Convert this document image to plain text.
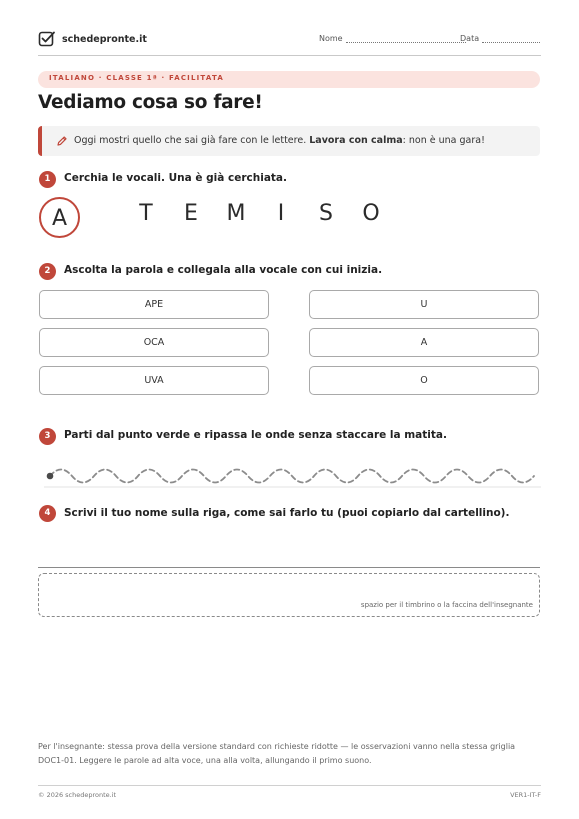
schedepronte.it	Nome	Data
ITALIANO · CLASSE 1ª · FACILITATA
Vediamo cosa so fare!
Oggi mostri quello che sai già fare con le lettere. Lavora con calma: non è una gara!
1	Cerchia le vocali. Una è già cerchiata.
A	T	E	M	I	S	O
2	Ascolta la parola e collegala alla vocale con cui inizia.
APE
OCA
UVA
U
A
O
3	Parti dal punto verde e ripassa le onde senza staccare la matita.
4	Scrivi il tuo nome sulla riga, come sai farlo tu (puoi copiarlo dal cartellino).
spazio per il timbrino o la faccina dell'insegnante
Per l'insegnante: stessa prova della versione standard con richieste ridotte — le osservazioni vanno nella stessa griglia DOC1-01. Leggere le parole ad alta voce, una alla volta, allungando il primo suono.
© 2026 schedepronte.it	VER1-IT-F
